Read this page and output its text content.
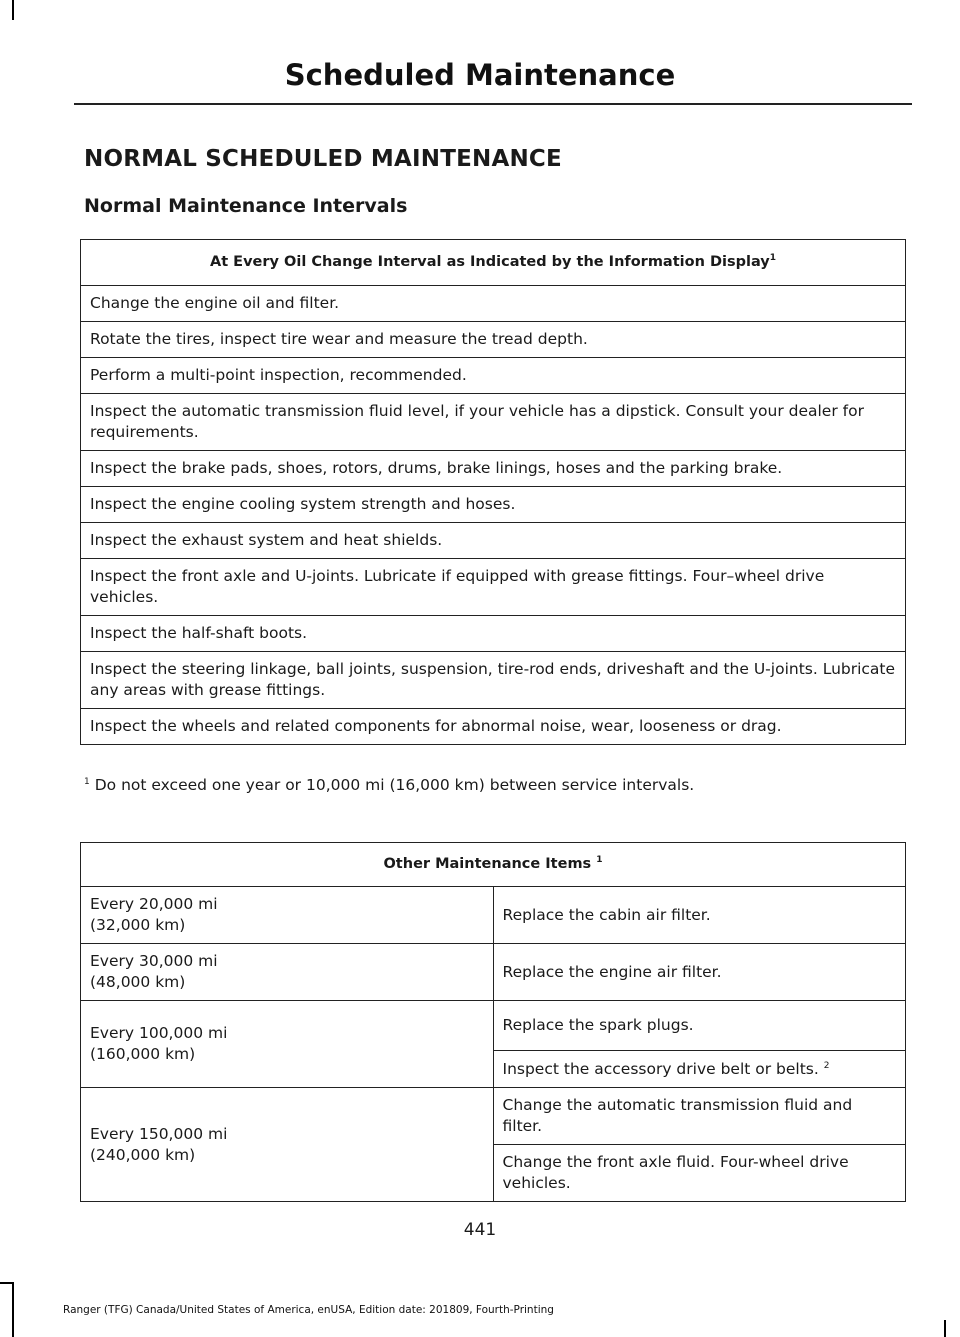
Scheduled Maintenance
NORMAL SCHEDULED MAINTENANCE
Normal Maintenance Intervals
At Every Oil Change Interval as Indicated by the Information Display$^1$
Change the engine oil and filter.
Rotate the tires, inspect tire wear and measure the tread depth.
Perform a multi-point inspection, recommended.
Inspect the automatic transmission fluid level, if your vehicle has a dipstick. Consult your dealer for requirements.
Inspect the brake pads, shoes, rotors, drums, brake linings, hoses and the parking brake.
Inspect the engine cooling system strength and hoses.
Inspect the exhaust system and heat shields.
Inspect the front axle and U-joints. Lubricate if equipped with grease fittings. Four–wheel drive vehicles.
Inspect the half-shaft boots.
Inspect the steering linkage, ball joints, suspension, tire-rod ends, driveshaft and the U-joints. Lubricate any areas with grease fittings.
Inspect the wheels and related components for abnormal noise, wear, looseness or drag.
$^1$ Do not exceed one year or 10,000 mi (16,000 km) between service intervals.
Other Maintenance Items $^1$

Every 20,000 mi
(32,000 km)	Replace the cabin air filter.

Every 30,000 mi
(48,000 km)	Replace the engine air filter.

Every 100,000 mi
(160,000 km)	Replace the spark plugs.
	Inspect the accessory drive belt or belts. $^2$

Every 150,000 mi
(240,000 km)	Change the automatic transmission fluid and filter.
	Change the front axle fluid. Four-wheel drive vehicles.
441
Ranger (TFG) Canada/United States of America, enUSA, Edition date: 201809, Fourth-Printing
